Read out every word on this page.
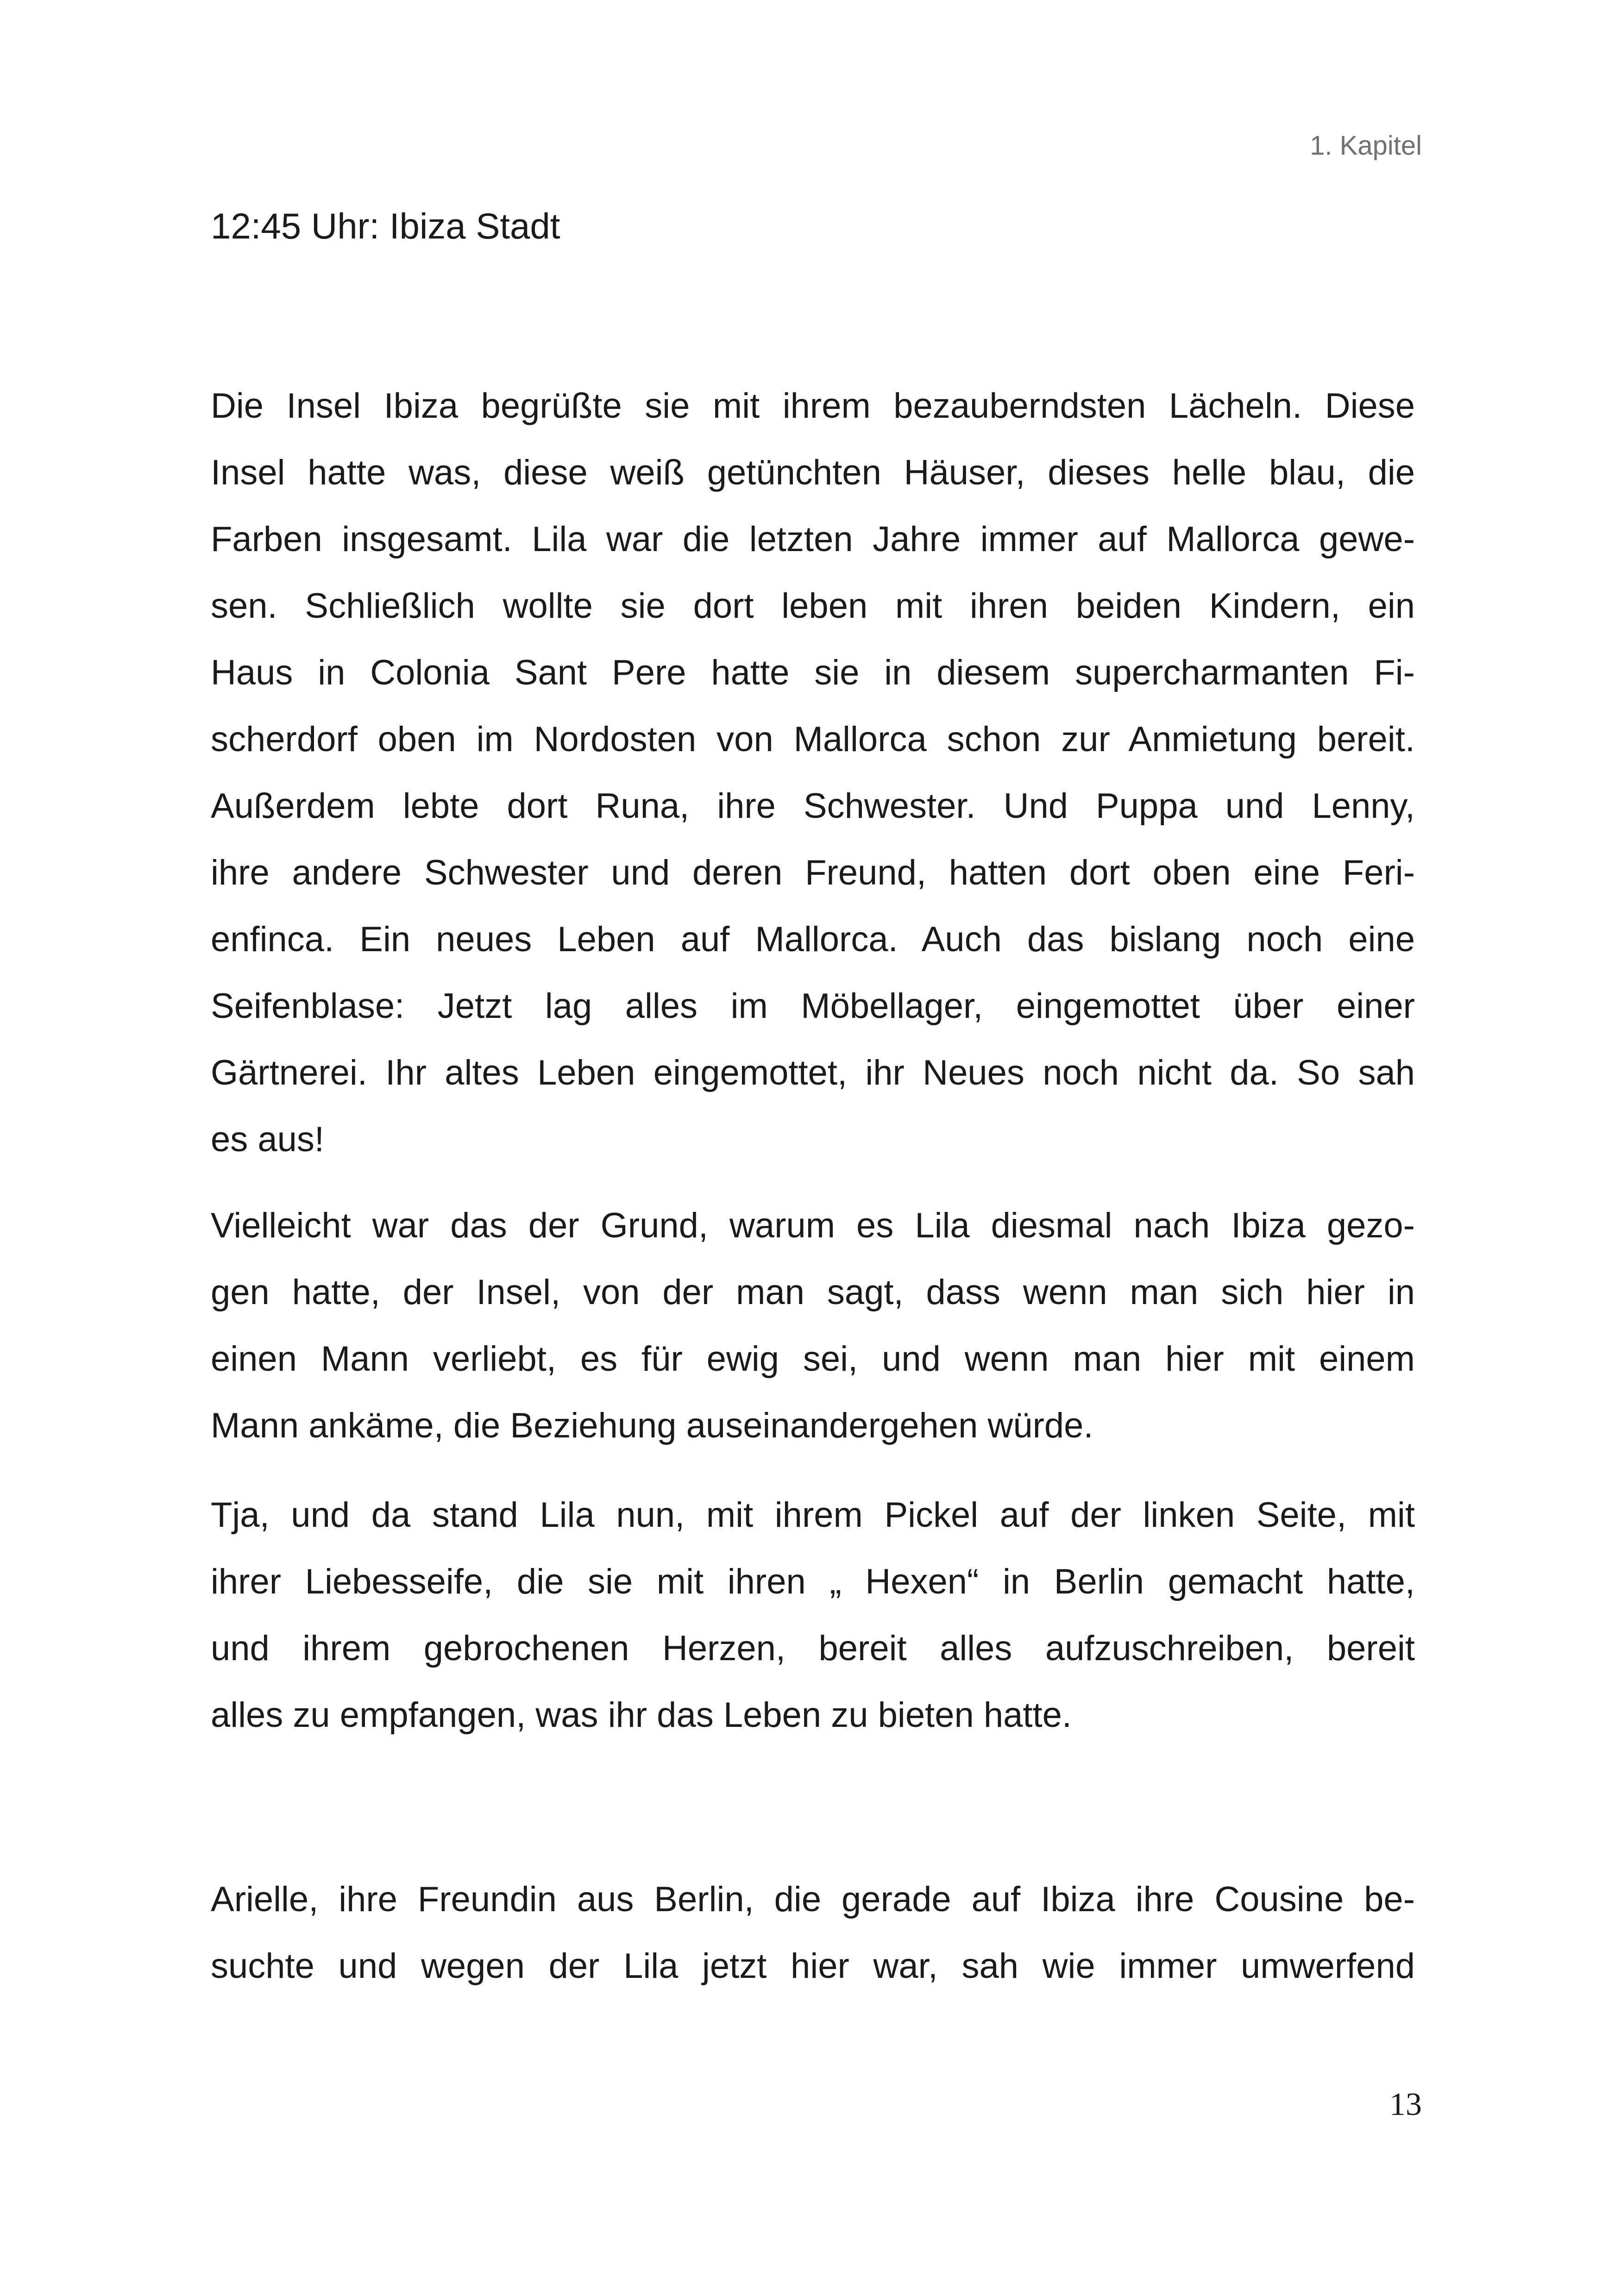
1. Kapitel
12:45 Uhr: Ibiza Stadt
Die Insel Ibiza begrüßte sie mit ihrem bezauberndsten Lächeln. Diese
Insel hatte was, diese weiß getünchten Häuser, dieses helle blau, die
Farben insgesamt. Lila war die letzten Jahre immer auf Mallorca gewe-
sen. Schließlich wollte sie dort leben mit ihren beiden Kindern, ein
Haus in Colonia Sant Pere hatte sie in diesem supercharmanten Fi-
scherdorf oben im Nordosten von Mallorca schon zur Anmietung bereit.
Außerdem lebte dort Runa, ihre Schwester. Und Puppa und Lenny,
ihre andere Schwester und deren Freund, hatten dort oben eine Feri-
enfinca. Ein neues Leben auf Mallorca. Auch das bislang noch eine
Seifenblase: Jetzt lag alles im Möbellager, eingemottet über einer
Gärtnerei. Ihr altes Leben eingemottet, ihr Neues noch nicht da. So sah
es aus!
Vielleicht war das der Grund, warum es Lila diesmal nach Ibiza gezo-
gen hatte, der Insel, von der man sagt, dass wenn man sich hier in
einen Mann verliebt, es für ewig sei, und wenn man hier mit einem
Mann ankäme, die Beziehung auseinandergehen würde.
Tja, und da stand Lila nun, mit ihrem Pickel auf der linken Seite, mit
ihrer Liebesseife, die sie mit ihren „ Hexen“ in Berlin gemacht hatte,
und ihrem gebrochenen Herzen, bereit alles aufzuschreiben, bereit
alles zu empfangen, was ihr das Leben zu bieten hatte.
Arielle, ihre Freundin aus Berlin, die gerade auf Ibiza ihre Cousine be-
suchte und wegen der Lila jetzt hier war, sah wie immer umwerfend
13
